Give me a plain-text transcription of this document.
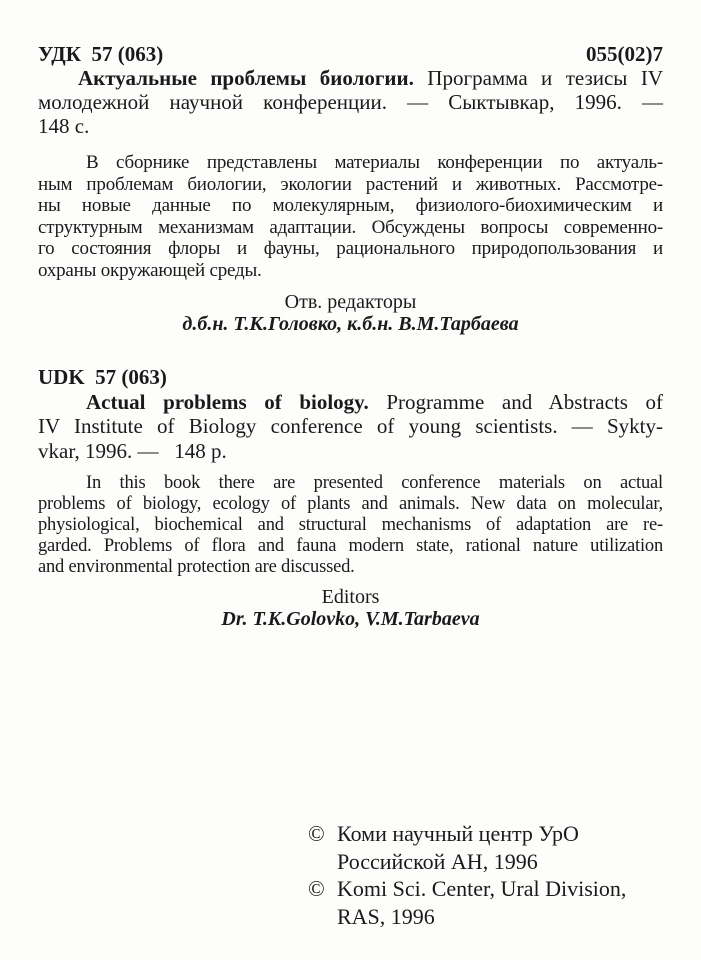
УДК  57 (063)	055(02)7
Актуальные проблемы биологии. Программа и тезисы IV
молодежной научной конференции. — Сыктывкар, 1996. —
148 с.
В сборнике представлены материалы конференции по актуаль-
ным проблемам биологии, экологии растений и животных. Рассмотре-
ны новые данные по молекулярным, физиолого-биохимическим и
структурным механизмам адаптации. Обсуждены вопросы современно-
го состояния флоры и фауны, рационального природопользования и
охраны окружающей среды.
Отв. редакторы
д.б.н. Т.К.Головко, к.б.н. В.М.Тарбаева
UDK  57 (063)
Actual problems of biology. Programme and Abstracts of
IV Institute of Biology conference of young scientists. — Sykty-
vkar, 1996. —   148 p.
In this book there are presented conference materials on actual
problems of biology, ecology of plants and animals. New data on molecular,
physiological, biochemical and structural mechanisms of adaptation are re-
garded. Problems of flora and fauna modern state, rational nature utilization
and environmental protection are discussed.
Editors
Dr. T.K.Golovko, V.M.Tarbaeva
© Коми научный центр УрО
Российской АН, 1996
© Komi Sci. Center, Ural Division,
RAS, 1996
